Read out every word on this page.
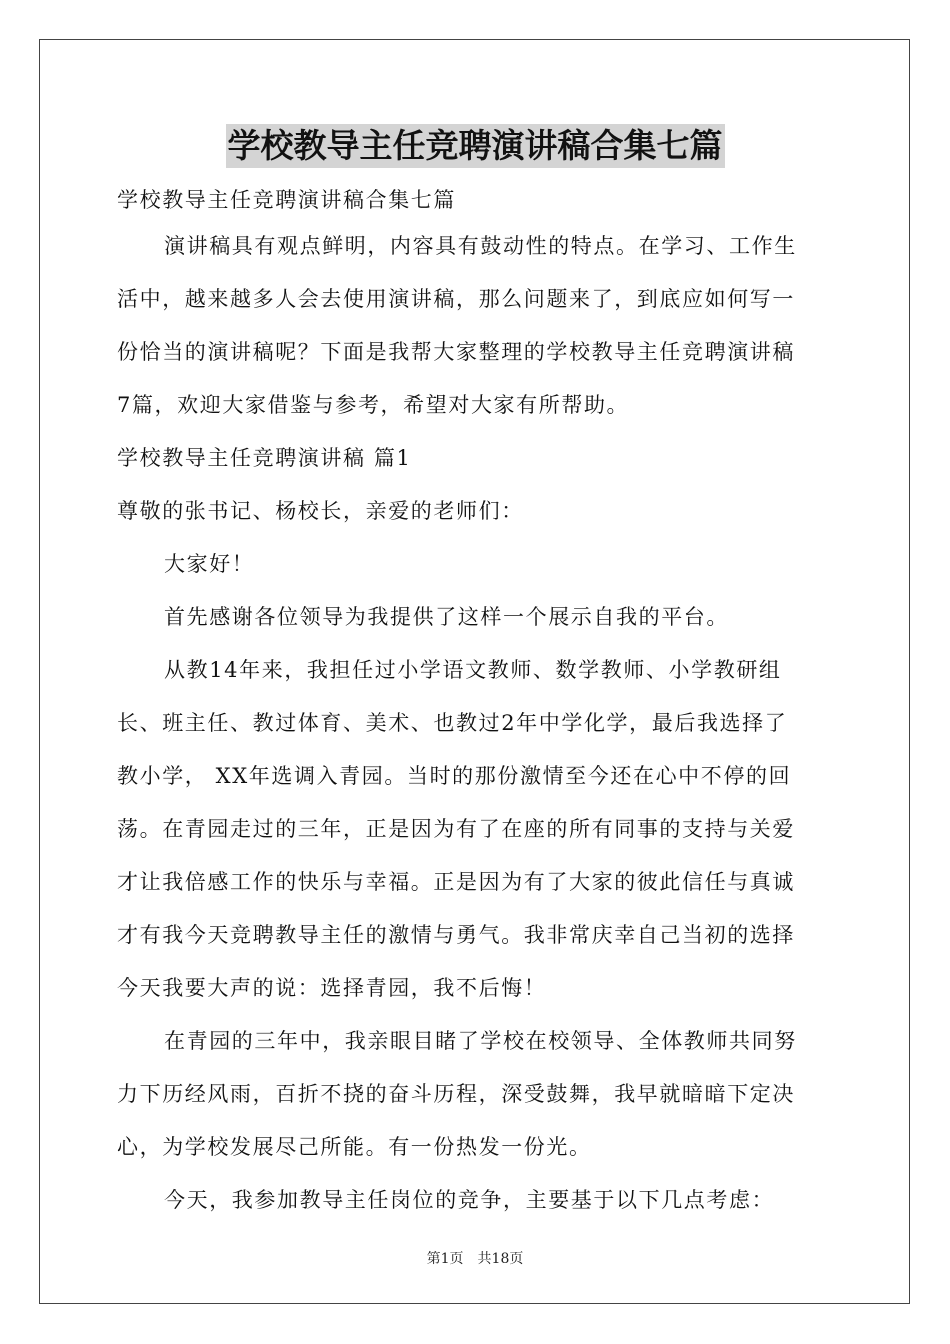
学校教导主任竞聘演讲稿合集七篇

学校教导主任竞聘演讲稿合集七篇

演讲稿具有观点鲜明，内容具有鼓动性的特点。在学习、工作生

活中，越来越多人会去使用演讲稿，那么问题来了，到底应如何写一

份恰当的演讲稿呢？下面是我帮大家整理的学校教导主任竞聘演讲稿

7篇，欢迎大家借鉴与参考，希望对大家有所帮助。

学校教导主任竞聘演讲稿 篇1

尊敬的张书记、杨校长，亲爱的老师们：

大家好！

首先感谢各位领导为我提供了这样一个展示自我的平台。

从教14年来，我担任过小学语文教师、数学教师、小学教研组

长、班主任、教过体育、美术、也教过2年中学化学，最后我选择了

教小学， XX年选调入青园。当时的那份激情至今还在心中不停的回

荡。在青园走过的三年，正是因为有了在座的所有同事的支持与关爱

才让我倍感工作的快乐与幸福。正是因为有了大家的彼此信任与真诚

才有我今天竞聘教导主任的激情与勇气。我非常庆幸自己当初的选择

今天我要大声的说：选择青园，我不后悔！

在青园的三年中，我亲眼目睹了学校在校领导、全体教师共同努

力下历经风雨，百折不挠的奋斗历程，深受鼓舞，我早就暗暗下定决

心，为学校发展尽己所能。有一份热发一份光。

今天，我参加教导主任岗位的竞争，主要基于以下几点考虑：

第1页 共18页
